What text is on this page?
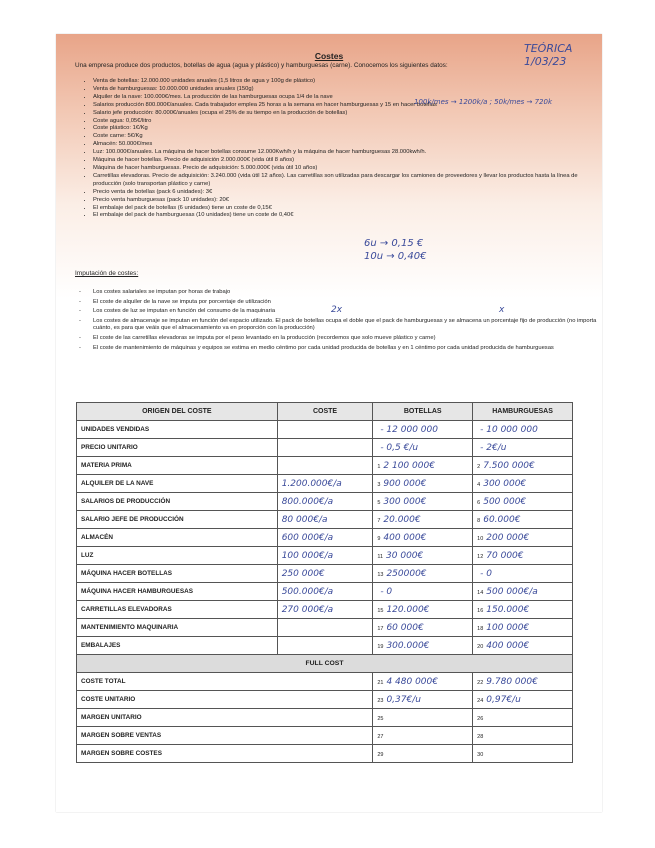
Costes
TEÓRICA
1/03/23
Una empresa produce dos productos, botellas de agua (agua y plástico) y hamburguesas (carne). Conocemos los siguientes datos:
• Venta de botellas: 12.000.000 unidades anuales (1,5 litros de agua y 100g de plástico)
• Venta de hamburguesas: 10.000.000 unidades anuales (150g)
• Alquiler de la nave: 100.000€/mes. La producción de las hamburguesas ocupa 1/4 de la nave
• Salarios producción 800.000€/anuales. Cada trabajador emplea 25 horas a la semana en hacer hamburguesas y 15 en hacer botellas
• Salario jefe producción: 80.000€/anuales (ocupa el 25% de su tiempo en la producción de botellas)
• Coste agua: 0,05€/litro
• Coste plástico: 1€/Kg
• Coste carne: 5€/Kg
• Almacén: 50.000€/mes
• Luz: 100.000€/anuales. La máquina de hacer botellas consume 12.000Kwh/h y la máquina de hacer hamburguesas 28.000kwh/h.
• Máquina de hacer botellas. Precio de adquisición 2.000.000€ (vida útil 8 años)
• Máquina de hacer hamburguesas. Precio de adquisición: 5.000.000€ (vida útil 10 años)
• Carretillas elevadoras. Precio de adquisición: 3.240.000 (vida útil 12 años). Las carretillas son utilizadas para descargar los camiones de proveedores y llevar los productos hasta la línea de producción (solo transportan plástico y carne)
• Precio venta de botellas (pack 6 unidades): 3€
• Precio venta hamburguesas (pack 10 unidades): 20€
• El embalaje del pack de botellas (6 unidades) tiene un coste de 0,15€
• El embalaje del pack de hamburguesas (10 unidades) tiene un coste de 0,40€
100k/mes → 1200k/a ; 50k/mes → 720k
6u → 0,15 €
10u → 0,40€
Imputación de costes:
2x	x
- Los costes salariales se imputan por horas de trabajo
- El coste de alquiler de la nave se imputa por porcentaje de utilización
- Los costes de luz se imputan en función del consumo de la maquinaria
- Los costes de almacenaje se imputan en función del espacio utilizado. El pack de botellas ocupa el doble que el pack de hamburguesas y se almacena un porcentaje fijo de producción (no importa cuánto, es para que veáis que el almacenamiento va en proporción con la producción)
- El coste de las carretillas elevadoras se imputa por el peso levantado en la producción (recordemos que solo mueve plástico y carne)
- El coste de mantenimiento de máquinas y equipos se estima en medio céntimo por cada unidad producida de botellas y en 1 céntimo por cada unidad producida de hamburguesas
ORIGEN DEL COSTE	COSTE	BOTELLAS	HAMBURGUESAS
UNIDADES VENDIDAS		- 12 000 000	- 10 000 000
PRECIO UNITARIO		- 0,5 €/u	- 2€/u
MATERIA PRIMA		1 2 100 000€	2 7.500 000€
ALQUILER DE LA NAVE	1.200.000€/a	3 900 000€	4 300 000€
SALARIOS DE PRODUCCIÓN	800.000€/a	5 300 000€	6 500 000€
SALARIO JEFE DE PRODUCCIÓN	80 000€/a	7 20.000€	8 60.000€
ALMACÉN	600 000€/a	9 400 000€	10 200 000€
LUZ	100 000€/a	11 30 000€	12 70 000€
MÁQUINA HACER BOTELLAS	250 000€	13 250000€	- 0
MÁQUINA HACER HAMBURGUESAS	500.000€/a	- 0	14 500 000€/a
CARRETILLAS ELEVADORAS	270 000€/a	15 120.000€	16 150.000€
MANTENIMIENTO MAQUINARIA		17 60 000€	18 100 000€
EMBALAJES		19 300.000€	20 400 000€
FULL COST			
COSTE TOTAL		21 4 480 000€	22 9.780 000€
COSTE UNITARIO		23 0,37€/u	24 0,97€/u
MARGEN UNITARIO		25	26
MARGEN SOBRE VENTAS		27	28
MARGEN SOBRE COSTES		29	30
